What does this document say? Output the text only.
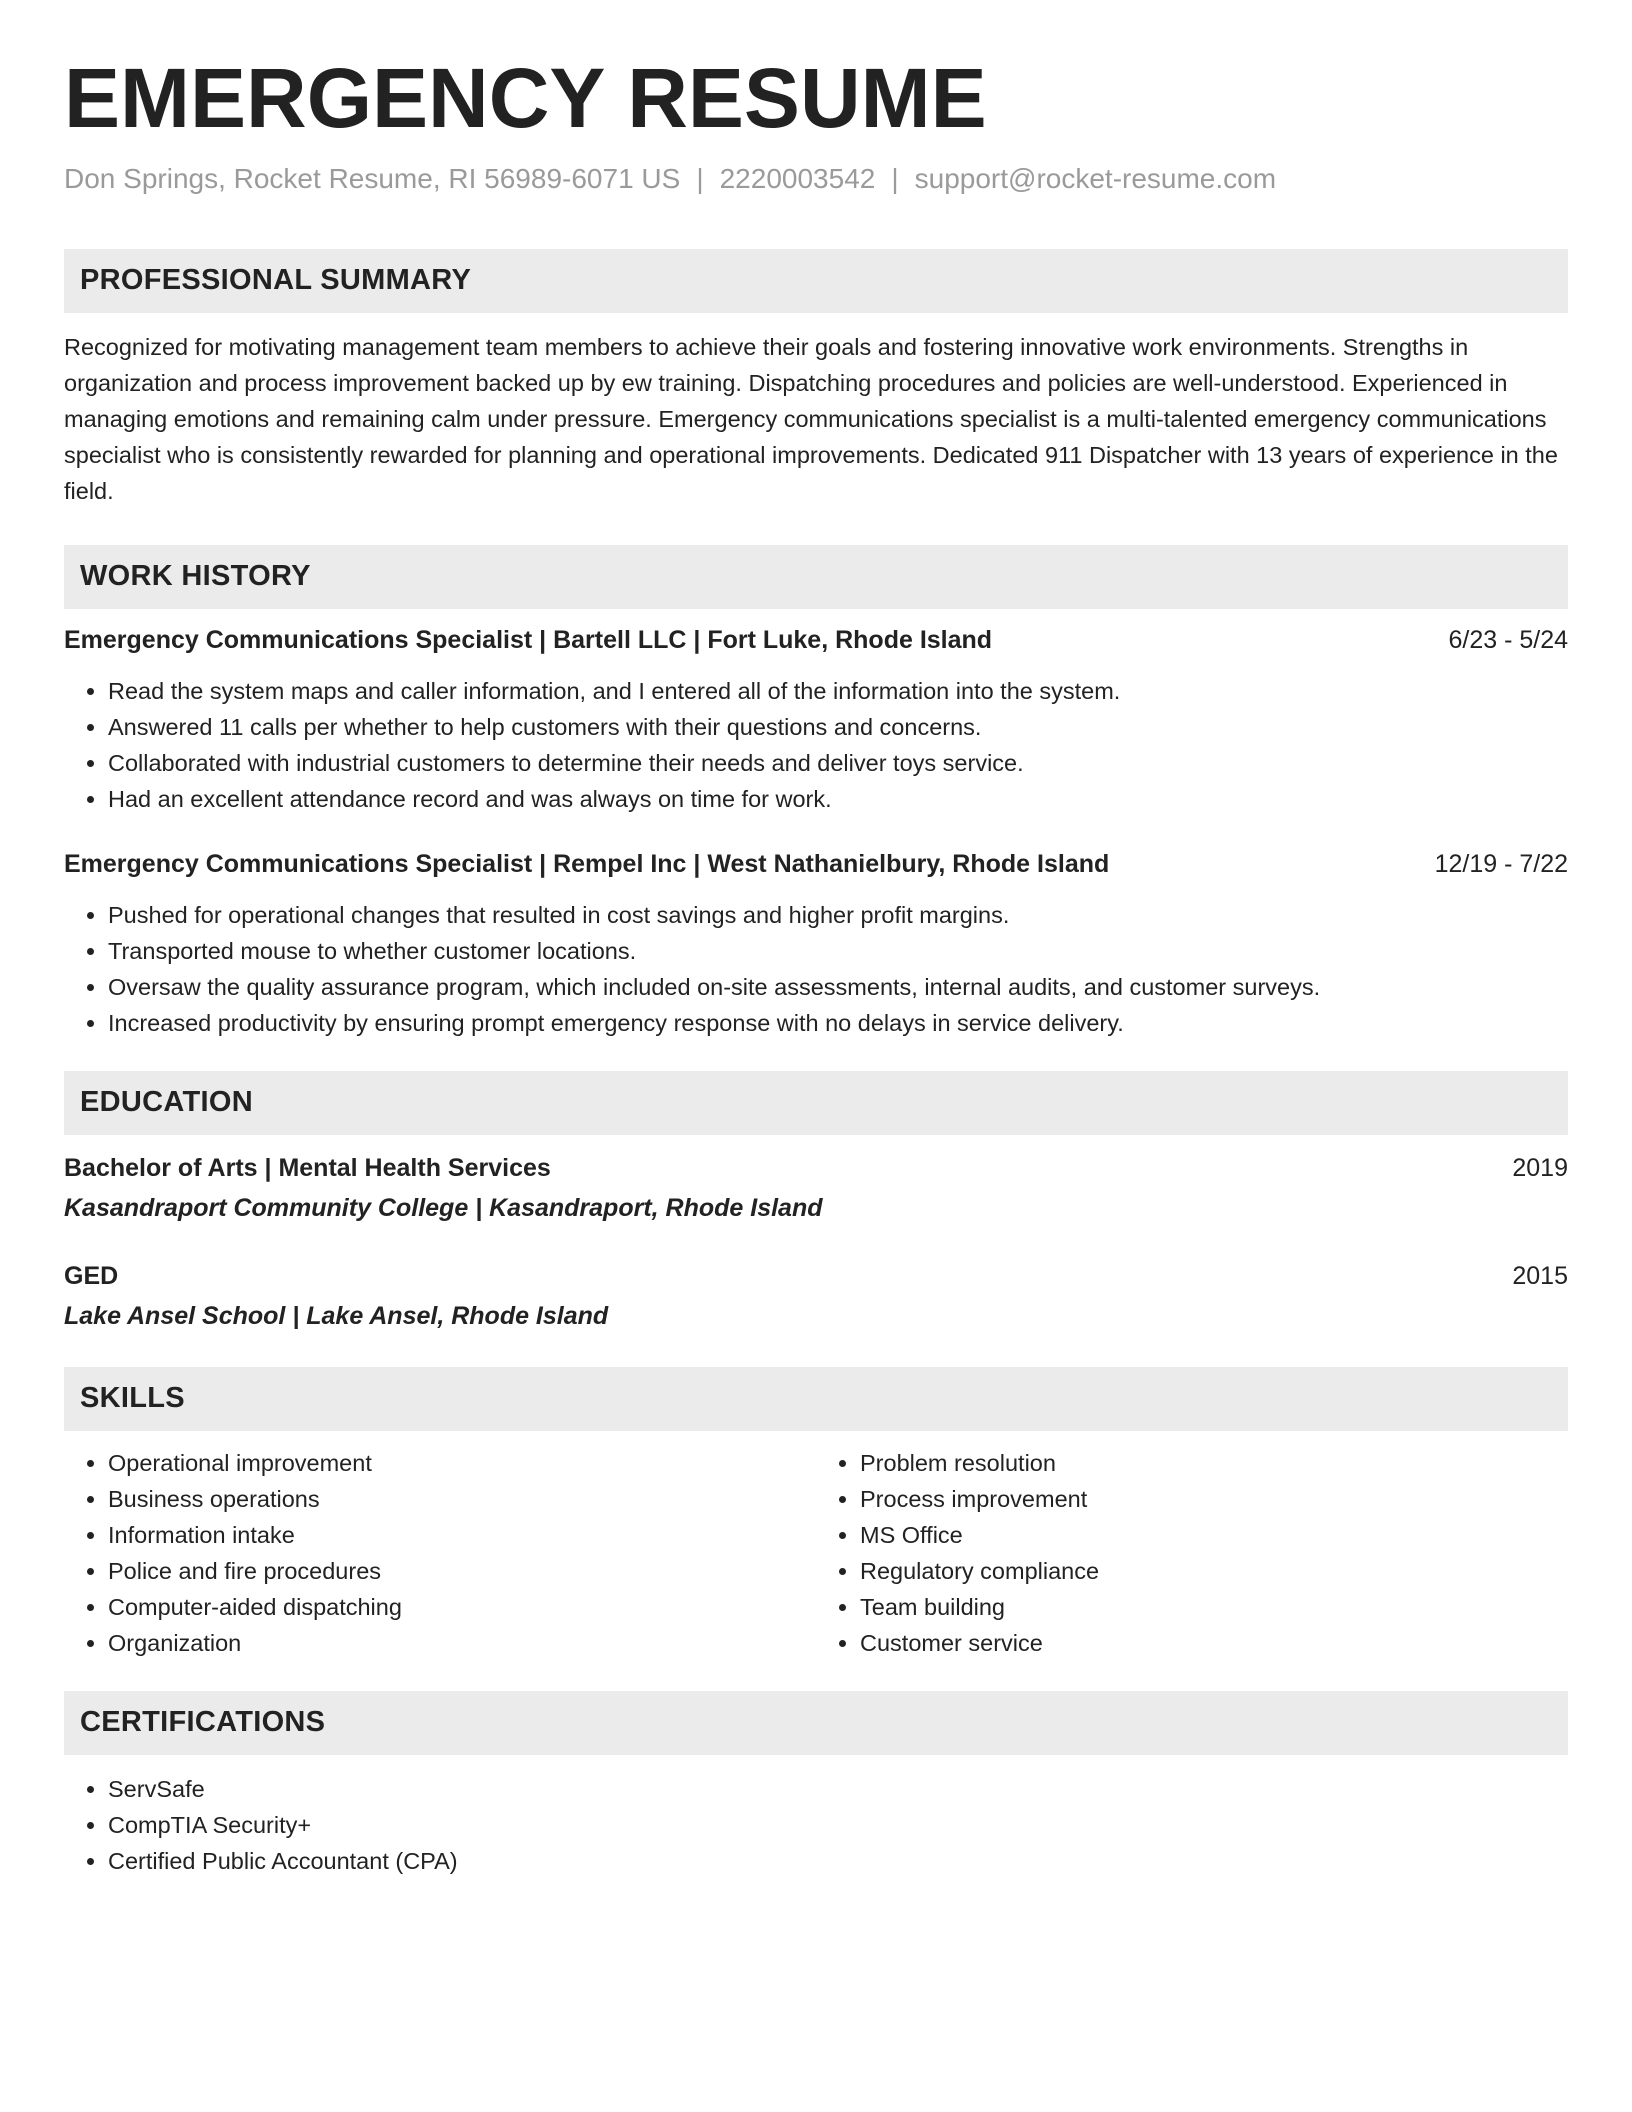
EMERGENCY RESUME
Don Springs, Rocket Resume, RI 56989-6071 US | 2220003542 | support@rocket-resume.com
PROFESSIONAL SUMMARY
Recognized for motivating management team members to achieve their goals and fostering innovative work environments. Strengths in organization and process improvement backed up by ew training. Dispatching procedures and policies are well-understood. Experienced in managing emotions and remaining calm under pressure. Emergency communications specialist is a multi-talented emergency communications specialist who is consistently rewarded for planning and operational improvements. Dedicated 911 Dispatcher with 13 years of experience in the field.
WORK HISTORY
Emergency Communications Specialist | Bartell LLC | Fort Luke, Rhode Island	6/23 - 5/24
• Read the system maps and caller information, and I entered all of the information into the system.
• Answered 11 calls per whether to help customers with their questions and concerns.
• Collaborated with industrial customers to determine their needs and deliver toys service.
• Had an excellent attendance record and was always on time for work.
Emergency Communications Specialist | Rempel Inc | West Nathanielbury, Rhode Island	12/19 - 7/22
• Pushed for operational changes that resulted in cost savings and higher profit margins.
• Transported mouse to whether customer locations.
• Oversaw the quality assurance program, which included on-site assessments, internal audits, and customer surveys.
• Increased productivity by ensuring prompt emergency response with no delays in service delivery.
EDUCATION
Bachelor of Arts | Mental Health Services	2019
Kasandraport Community College | Kasandraport, Rhode Island
GED	2015
Lake Ansel School | Lake Ansel, Rhode Island
SKILLS
• Operational improvement
• Business operations
• Information intake
• Police and fire procedures
• Computer-aided dispatching
• Organization
• Problem resolution
• Process improvement
• MS Office
• Regulatory compliance
• Team building
• Customer service
CERTIFICATIONS
• ServSafe
• CompTIA Security+
• Certified Public Accountant (CPA)
